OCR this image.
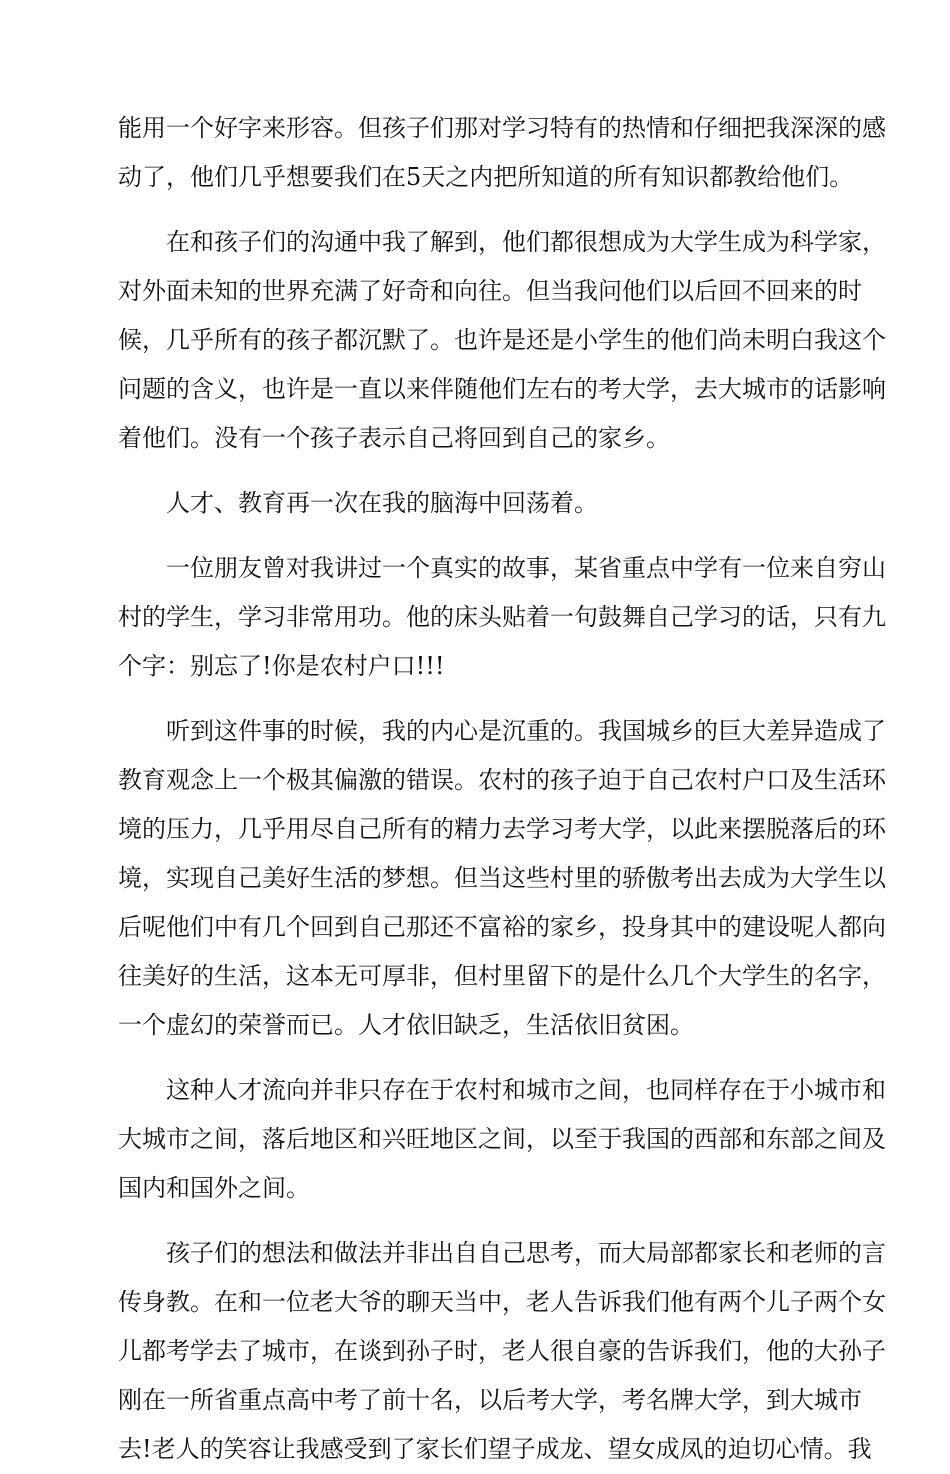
能用一个好字来形容。但孩子们那对学习特有的热情和仔细把我深深的感

动了，他们几乎想要我们在5天之内把所知道的所有知识都教给他们。

在和孩子们的沟通中我了解到，他们都很想成为大学生成为科学家，

对外面未知的世界充满了好奇和向往。但当我问他们以后回不回来的时

候，几乎所有的孩子都沉默了。也许是还是小学生的他们尚未明白我这个

问题的含义，也许是一直以来伴随他们左右的考大学，去大城市的话影响

着他们。没有一个孩子表示自己将回到自己的家乡。

人才、教育再一次在我的脑海中回荡着。

一位朋友曾对我讲过一个真实的故事，某省重点中学有一位来自穷山

村的学生，学习非常用功。他的床头贴着一句鼓舞自己学习的话，只有九

个字：别忘了!你是农村户口!!!

听到这件事的时候，我的内心是沉重的。我国城乡的巨大差异造成了

教育观念上一个极其偏激的错误。农村的孩子迫于自己农村户口及生活环

境的压力，几乎用尽自己所有的精力去学习考大学，以此来摆脱落后的环

境，实现自己美好生活的梦想。但当这些村里的骄傲考出去成为大学生以

后呢他们中有几个回到自己那还不富裕的家乡，投身其中的建设呢人都向

往美好的生活，这本无可厚非，但村里留下的是什么几个大学生的名字，

一个虚幻的荣誉而已。人才依旧缺乏，生活依旧贫困。

这种人才流向并非只存在于农村和城市之间，也同样存在于小城市和

大城市之间，落后地区和兴旺地区之间，以至于我国的西部和东部之间及

国内和国外之间。

孩子们的想法和做法并非出自自己思考，而大局部都家长和老师的言

传身教。在和一位老大爷的聊天当中，老人告诉我们他有两个儿子两个女

儿都考学去了城市，在谈到孙子时，老人很自豪的告诉我们，他的大孙子

刚在一所省重点高中考了前十名，以后考大学，考名牌大学，到大城市

去!老人的笑容让我感受到了家长们望子成龙、望女成凤的迫切心情。我
